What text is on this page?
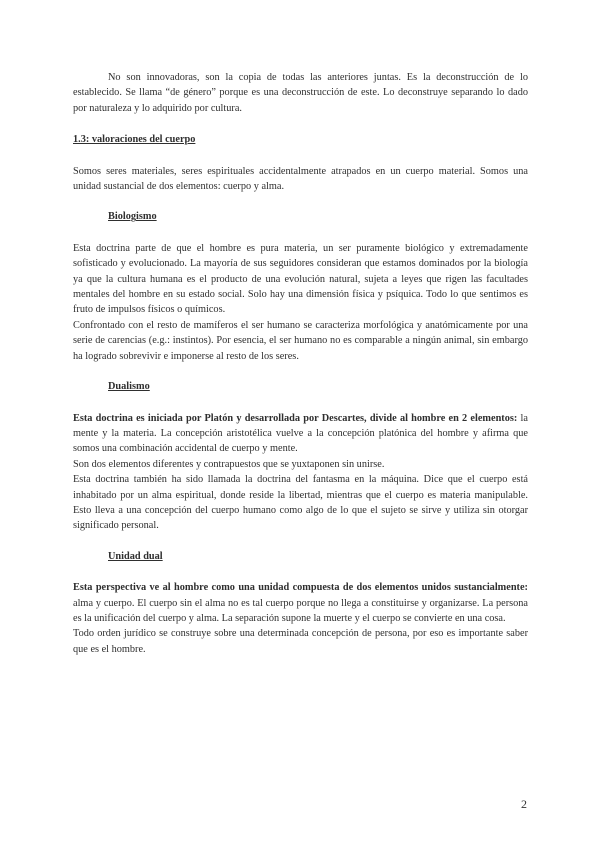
No son innovadoras, son la copia de todas las anteriores juntas. Es la deconstrucción de lo establecido. Se llama “de género” porque es una deconstrucción de este. Lo deconstruye separando lo dado por naturaleza y lo adquirido por cultura.

1.3: valoraciones del cuerpo

Somos seres materiales, seres espirituales accidentalmente atrapados en un cuerpo material. Somos una unidad sustancial de dos elementos: cuerpo y alma.

Biologismo

Esta doctrina parte de que el hombre es pura materia, un ser puramente biológico y extremadamente sofisticado y evolucionado. La mayoría de sus seguidores consideran que estamos dominados por la biología ya que la cultura humana es el producto de una evolución natural, sujeta a leyes que rigen las facultades mentales del hombre en su estado social. Solo hay una dimensión física y psíquica. Todo lo que sentimos es fruto de impulsos físicos o químicos.

Confrontado con el resto de mamíferos el ser humano se caracteriza morfológica y anatómicamente por una serie de carencias (e.g.: instintos). Por esencia, el ser humano no es comparable a ningún animal, sin embargo ha logrado sobrevivir e imponerse al resto de los seres.

Dualismo

Esta doctrina es iniciada por Platón y desarrollada por Descartes, divide al hombre en 2 elementos: la mente y la materia. La concepción aristotélica vuelve a la concepción platónica del hombre y afirma que somos una combinación accidental de cuerpo y mente.

Son dos elementos diferentes y contrapuestos que se yuxtaponen sin unirse.

Esta doctrina también ha sido llamada la doctrina del fantasma en la máquina. Dice que el cuerpo está inhabitado por un alma espiritual, donde reside la libertad, mientras que el cuerpo es materia manipulable. Esto lleva a una concepción del cuerpo humano como algo de lo que el sujeto se sirve y utiliza sin otorgar significado personal.

Unidad dual

Esta perspectiva ve al hombre como una unidad compuesta de dos elementos unidos sustancialmente: alma y cuerpo. El cuerpo sin el alma no es tal cuerpo porque no llega a constituirse y organizarse. La persona es la unificación del cuerpo y alma. La separación supone la muerte y el cuerpo se convierte en una cosa.

Todo orden jurídico se construye sobre una determinada concepción de persona, por eso es importante saber que es el hombre.

2
